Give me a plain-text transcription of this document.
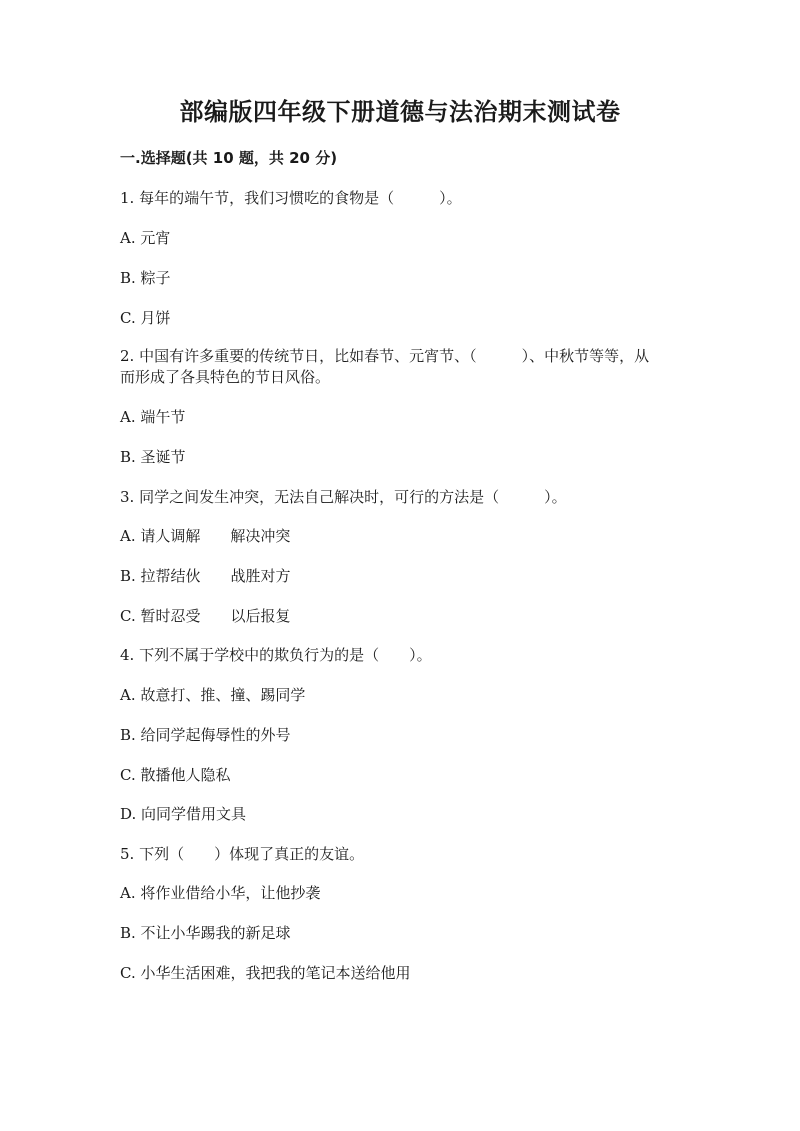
部编版四年级下册道德与法治期末测试卷
一.选择题(共 10 题，共 20 分)
1. 每年的端午节，我们习惯吃的食物是（　　　）。
A. 元宵
B. 粽子
C. 月饼
2. 中国有许多重要的传统节日，比如春节、元宵节、（　　　）、中秋节等等，从而形成了各具特色的节日风俗。
A. 端午节
B. 圣诞节
3. 同学之间发生冲突，无法自己解决时，可行的方法是（　　　）。
A. 请人调解　　解决冲突
B. 拉帮结伙　　战胜对方
C. 暂时忍受　　以后报复
4. 下列不属于学校中的欺负行为的是（　　）。
A. 故意打、推、撞、踢同学
B. 给同学起侮辱性的外号
C. 散播他人隐私
D. 向同学借用文具
5. 下列（　　）体现了真正的友谊。
A. 将作业借给小华，让他抄袭
B. 不让小华踢我的新足球
C. 小华生活困难，我把我的笔记本送给他用
